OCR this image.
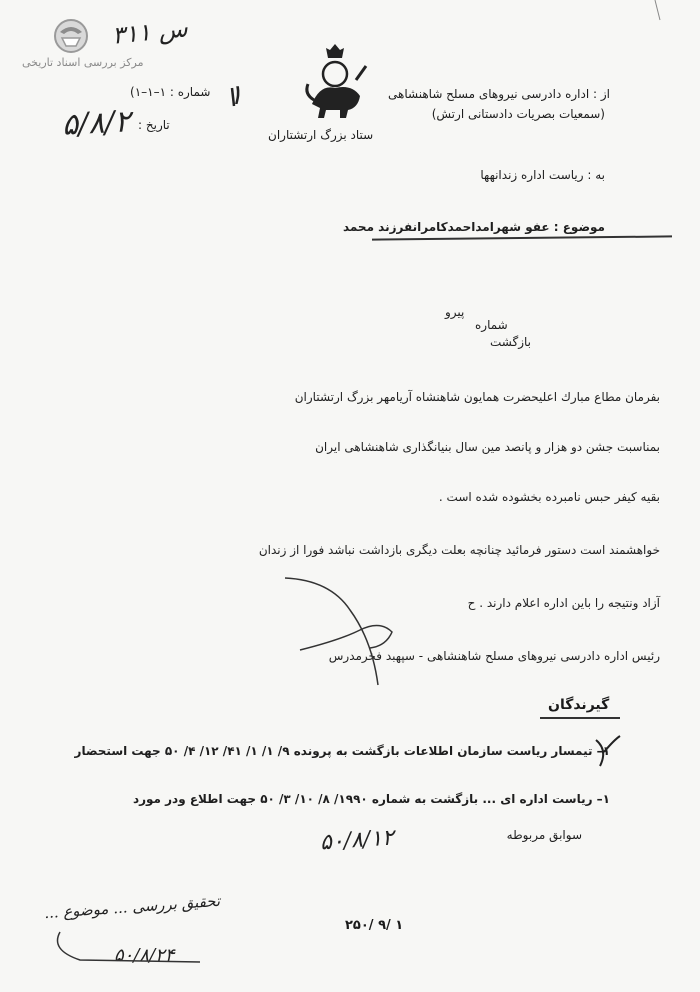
مرکز بررسی اسناد تاریخی
۳۱۱ س
از : اداره دادرسی نیروهای مسلح شاهنشاهی
(سمعیات بصریات دادستانی ارتش)
ستاد بزرگ ارتشتاران
شماره : ۱–۱–۱)
تاریخ :
۵/۸/۲
۱
به : ریاست اداره زندانهها
موضوع : عفو شهرامداحمدکامرانفرزند محمد
پیرو
شماره
بازگشت
بفرمان مطاع مبارك اعلیحضرت همایون شاهنشاه آریامهر بزرگ ارتشتاران
بمناسبت جشن دو هزار و پانصد مین سال بنیانگذاری شاهنشاهی ایران
بقیه کیفر حبس نامبرده بخشوده شده است .
خواهشمند است دستور فرمائید چنانچه بعلت دیگری بازداشت نباشد فورا از زندان
آزاد ونتیجه را باین اداره اعلام دارند . ح
رئیس اداره دادرسی نیروهای مسلح شاهنشاهی - سپهبد فخرمدرس
گیرندگان
۱– تیمسار ریاست سازمان اطلاعات بازگشت به پرونده ۹/ ۱/ ۱/ ۴۱/ ۱۲/ ۴/ ۵۰ جهت استحضار
۱– ریاست اداره ای ... بازگشت به شماره ۱۹۹۰/ ۸/ ۱۰/ ۳/ ۵۰ جهت اطلاع ودر مورد
سوابق مربوطه
۵۰/۸/۱۲
۲۵۰/ ۹/ ۱
تحقیق بررسی ... موضوع ...
۵۰/۸/۲۴
